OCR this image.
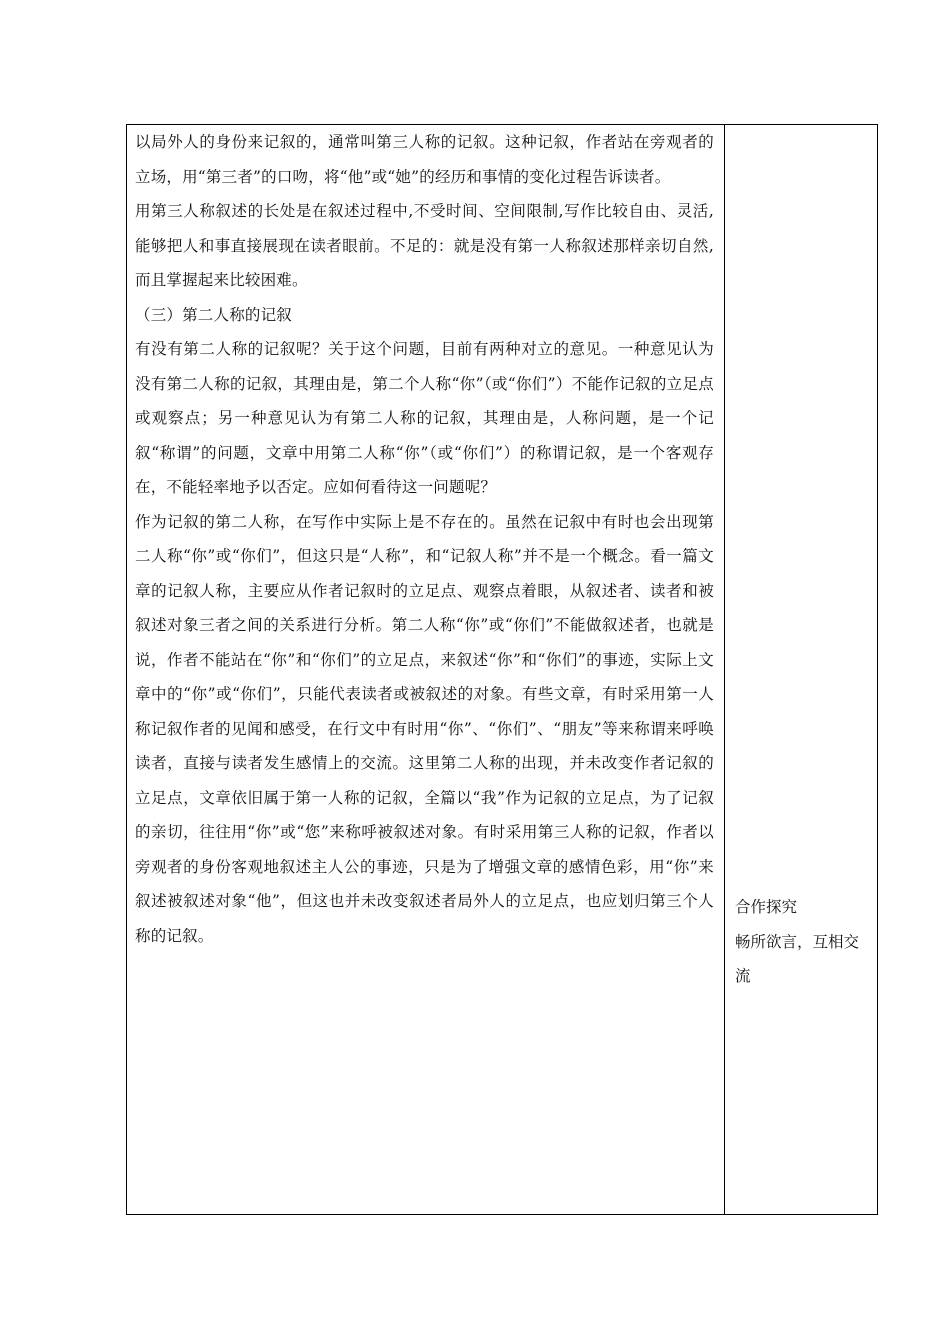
以局外人的身份来记叙的，通常叫第三人称的记叙。这种记叙，作者站在旁观者的立场，用“第三者”的口吻，将“他”或“她”的经历和事情的变化过程告诉读者。

用第三人称叙述的长处是在叙述过程中,不受时间、空间限制,写作比较自由、灵活,能够把人和事直接展现在读者眼前。不足的：就是没有第一人称叙述那样亲切自然,而且掌握起来比较困难。

（三）第二人称的记叙

有没有第二人称的记叙呢？关于这个问题，目前有两种对立的意见。一种意见认为没有第二人称的记叙，其理由是，第二个人称“你”（或“你们”）不能作记叙的立足点或观察点；另一种意见认为有第二人称的记叙，其理由是，人称问题，是一个记叙“称谓”的问题，文章中用第二人称“你”（或“你们”）的称谓记叙，是一个客观存在，不能轻率地予以否定。应如何看待这一问题呢？

作为记叙的第二人称，在写作中实际上是不存在的。虽然在记叙中有时也会出现第二人称“你”或“你们”，但这只是“人称”，和“记叙人称”并不是一个概念。看一篇文章的记叙人称，主要应从作者记叙时的立足点、观察点着眼，从叙述者、读者和被叙述对象三者之间的关系进行分析。第二人称“你”或“你们”不能做叙述者，也就是说，作者不能站在“你”和“你们”的立足点，来叙述“你”和“你们”的事迹，实际上文章中的“你”或“你们”，只能代表读者或被叙述的对象。有些文章，有时采用第一人称记叙作者的见闻和感受，在行文中有时用“你”、“你们”、“朋友”等来称谓来呼唤读者，直接与读者发生感情上的交流。这里第二人称的出现，并未改变作者记叙的立足点，文章依旧属于第一人称的记叙，全篇以“我”作为记叙的立足点，为了记叙的亲切，往往用“你”或“您”来称呼被叙述对象。有时采用第三人称的记叙，作者以旁观者的身份客观地叙述主人公的事迹，只是为了增强文章的感情色彩，用“你”来叙述被叙述对象“他”，但这也并未改变叙述者局外人的立足点，也应划归第三个人称的记叙。

合作探究

畅所欲言，互相交流
